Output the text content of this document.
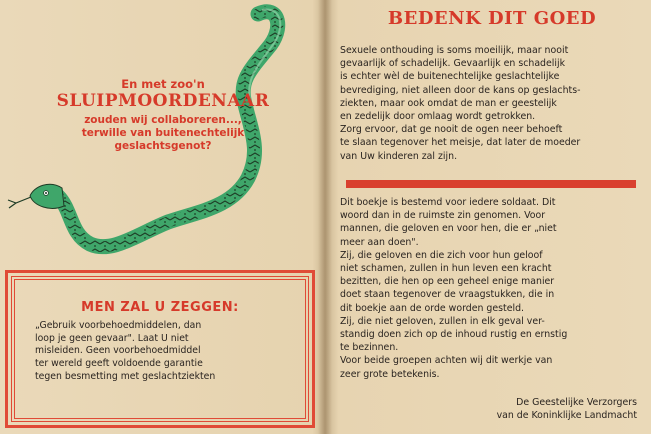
En met zoo'n
SLUIPMOORDENAAR
zouden wij collaboreren...,
terwille van buitenechtelijk
geslachtsgenot?
MEN ZAL U ZEGGEN:
„Gebruik voorbehoedmiddelen, dan
loop je geen gevaar". Laat U niet
misleiden. Geen voorbehoedmiddel
ter wereld geeft voldoende garantie
tegen besmetting met geslachtziekten
BEDENK DIT GOED
Sexuele onthouding is soms moeilijk, maar nooit
gevaarlijk of schadelijk. Gevaarlijk en schadelijk
is echter wèl de buitenechtelijke geslachtelijke
bevrediging, niet alleen door de kans op geslachts-
ziekten, maar ook omdat de man er geestelijk
en zedelijk door omlaag wordt getrokken.
Zorg ervoor, dat ge nooit de ogen neer behoeft
te slaan tegenover het meisje, dat later de moeder
van Uw kinderen zal zijn.
Dit boekje is bestemd voor iedere soldaat. Dit
woord dan in de ruimste zin genomen. Voor
mannen, die geloven en voor hen, die er „niet
meer aan doen".
Zij, die geloven en die zich voor hun geloof
niet schamen, zullen in hun leven een kracht
bezitten, die hen op een geheel enige manier
doet staan tegenover de vraagstukken, die in
dit boekje aan de orde worden gesteld.
Zij, die niet geloven, zullen in elk geval ver-
standig doen zich op de inhoud rustig en ernstig
te bezinnen.
Voor beide groepen achten wij dit werkje van
zeer grote betekenis.
De Geestelijke Verzorgers
van de Koninklijke Landmacht
